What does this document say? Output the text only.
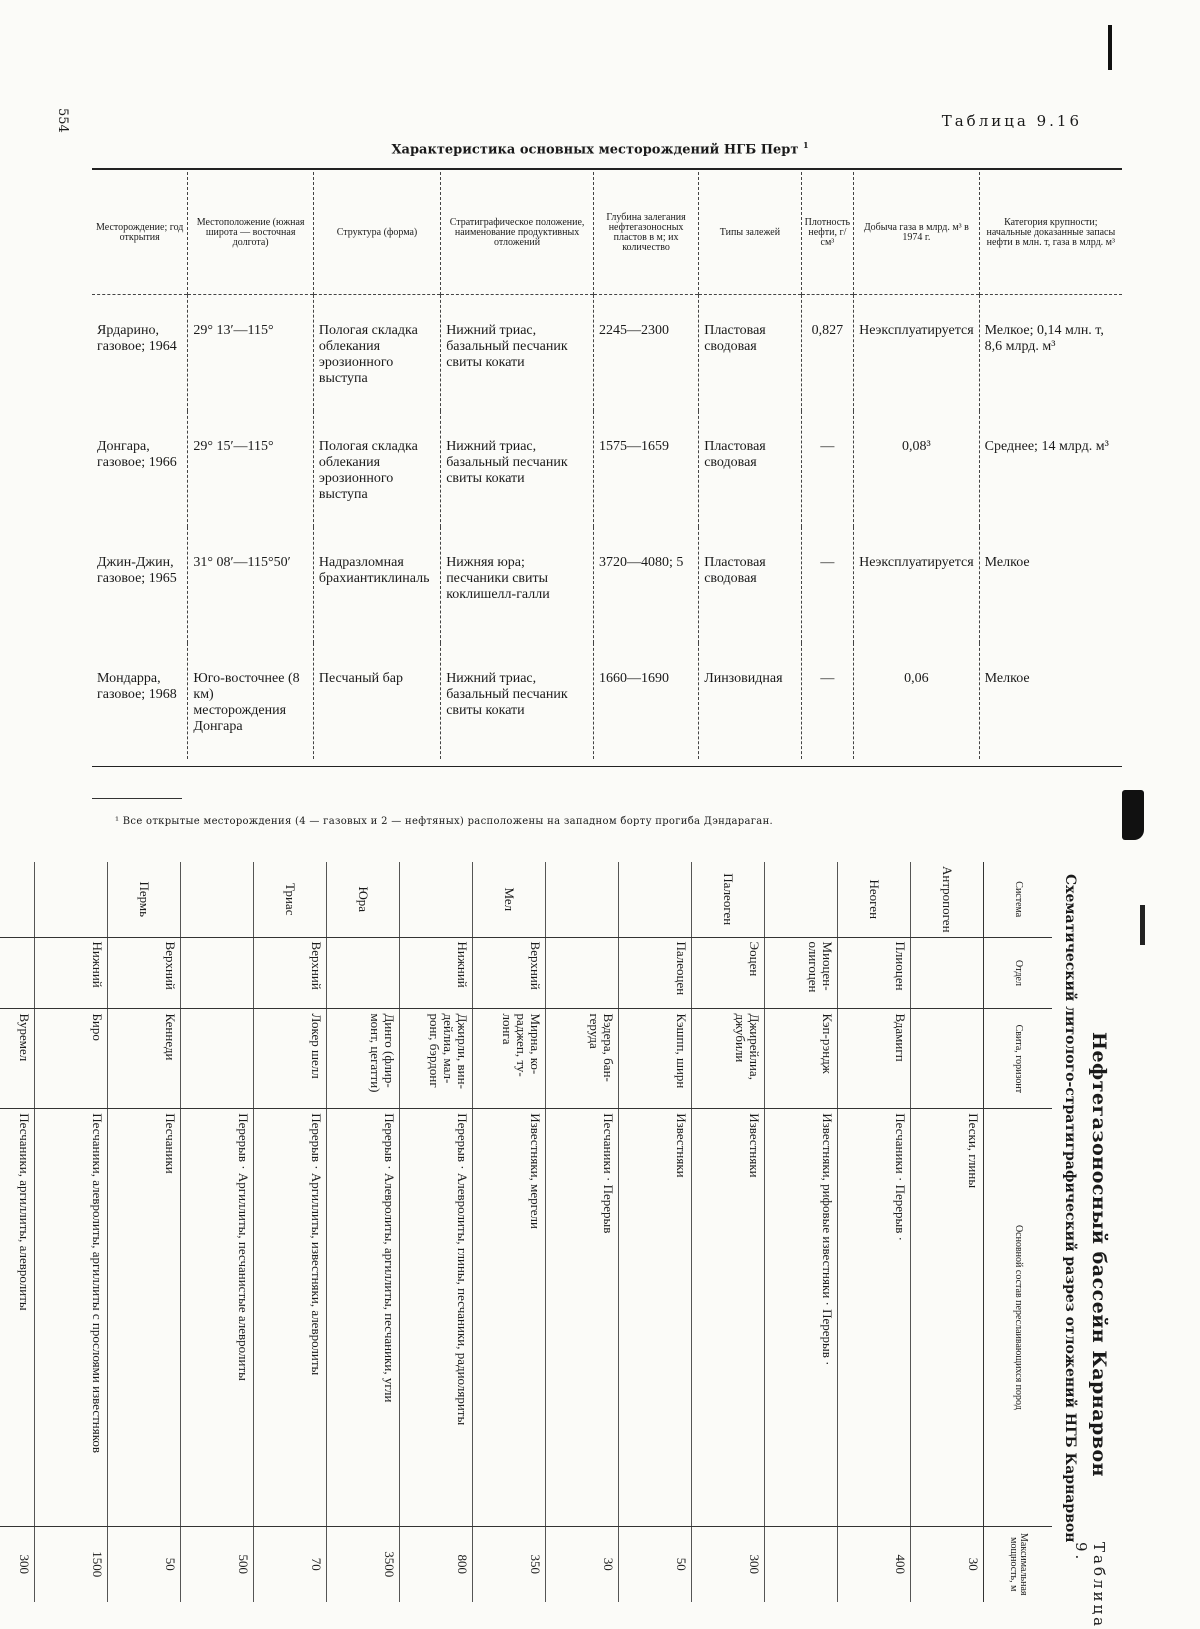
554	Таблица 9.16
Характеристика основных месторождений НГБ Перт $^1$
Месторождение; год открытия	Местоположение (южная широта — восточная долгота)	Структура (форма)	Стратиграфическое положение, наименование продуктивных отложений	Глубина залегания нефтегазоносных пластов в м; их количество	Типы залежей	Плотность нефти, г/см³	Добыча газа в млрд. м³ в 1974 г.	Категория крупности; начальные доказанные запасы нефти в млн. т, газа в млрд. м³
Ярдарино, газовое; 1964	29° 13′—115°	Пологая складка облекания эрозионного выступа	Нижний триас, базальный песчаник свиты кокати	2245—2300	Пластовая сводовая	0,827	Неэксплуатируется	Мелкое; 0,14 млн. т, 8,6 млрд. м³
Донгара, газовое; 1966	29° 15′—115°	Пологая складка облекания эрозионного выступа	Нижний триас, базальный песчаник свиты кокати	1575—1659	Пластовая сводовая	—	0,08³	Среднее; 14 млрд. м³
Джин-Джин, газовое; 1965	31° 08′—115°50′	Надразломная брахиантиклиналь	Нижняя юра; песчаники свиты коклишелл-галли	3720—4080; 5	Пластовая сводовая	—	Неэксплуатируется	Мелкое
Мондарра, газовое; 1968	Юго-восточнее (8 км) месторождения Донгара	Песчаный бар	Нижний триас, базальный песчаник свиты кокати	1660—1690	Линзовидная	—	0,06	Мелкое
¹ Все открытые месторождения (4 — газовых и 2 — нефтяных) расположены на западном борту прогиба Дэндараган.
Нефтегазоносный бассейн Карнарвон
Таблица 9.
Схематический литолого-стратиграфический разрез отложений НГБ Карнарвон
Система	Отдел	Свита, горизонт	Основной состав переслаивающихся пород	Максимальная мощность, м
Антропоген			Пески, глины	30
Неоген	Плиоцен	Вдамигп	Песчаники · Перерыв ·	400
	Миоцен-олигоцен	Кэп-рэндж	Известняки, рифовые известняки · Перерыв ·	
Палеоген	Эоцен	Джирейлиа, джубили	Известняки	300
	Палеоцен	Кэшпп, ширн	Известняки	50
		Вэдера, бан-геруда	Песчаники · Перерыв	30
Мел	Верхний	Мирна, ко-раджеп, ту-лонга	Известняки, мергели	350
	Нижний	Джирли, вин-дейлиа, мал-ронг, бэрдонг	Перерыв · Алевролиты, глины, песчаники, радиоляриты	800
Юра		Динго (флир-монт, цегатти)	Перерыв · Алевролиты, аргиллиты, песчаники, угли	3500
Триас	Верхний	Локер шелл	Перерыв · Аргиллиты, известняки, алевролиты	70
			Перерыв · Аргиллиты, песчанистые алевролиты	500
Пермь	Верхний	Кеннеди	Песчаники	50
	Нижний	Биро	Песчаники, алевролиты, аргиллиты с прослоями известняков	1500
		Вуремел	Песчаники, аргиллиты, алевролиты	300
